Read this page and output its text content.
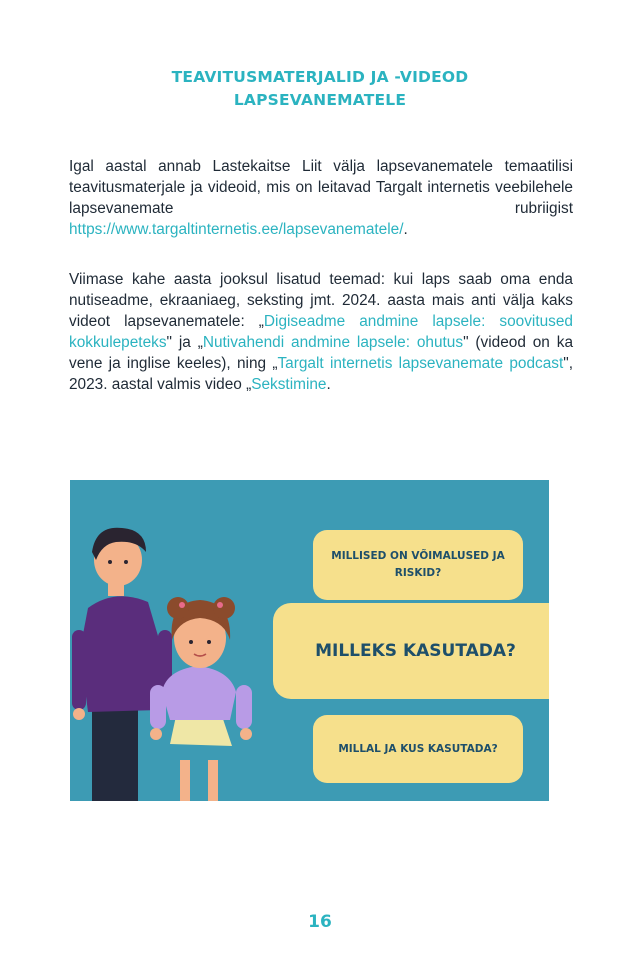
TEAVITUSMATERJALID JA -VIDEOD
LAPSEVANEMATELE

Igal aastal annab Lastekaitse Liit välja lapsevanematele temaatilisi teavitusmaterjale ja videoid, mis on leitavad Targalt internetis veebilehele lapsevanemate rubriigist https://www.targaltinternetis.ee/lapsevanematele/.

Viimase kahe aasta jooksul lisatud teemad: kui laps saab oma enda nutiseadme, ekraaniaeg, seksting jmt. 2024. aasta mais anti välja kaks videot lapsevanematele: „Digiseadme andmine lapsele: soovitused kokkulepeteks" ja „Nutivahendi andmine lapsele: ohutus" (videod on ka vene ja inglise keeles), ning „Targalt internetis lapsevanemate podcast", 2023. aastal valmis video „Sekstimine.

MILLISED ON VÕIMALUSED JA RISKID?
MILLEKS KASUTADA?
MILLAL JA KUS KASUTADA?
16
